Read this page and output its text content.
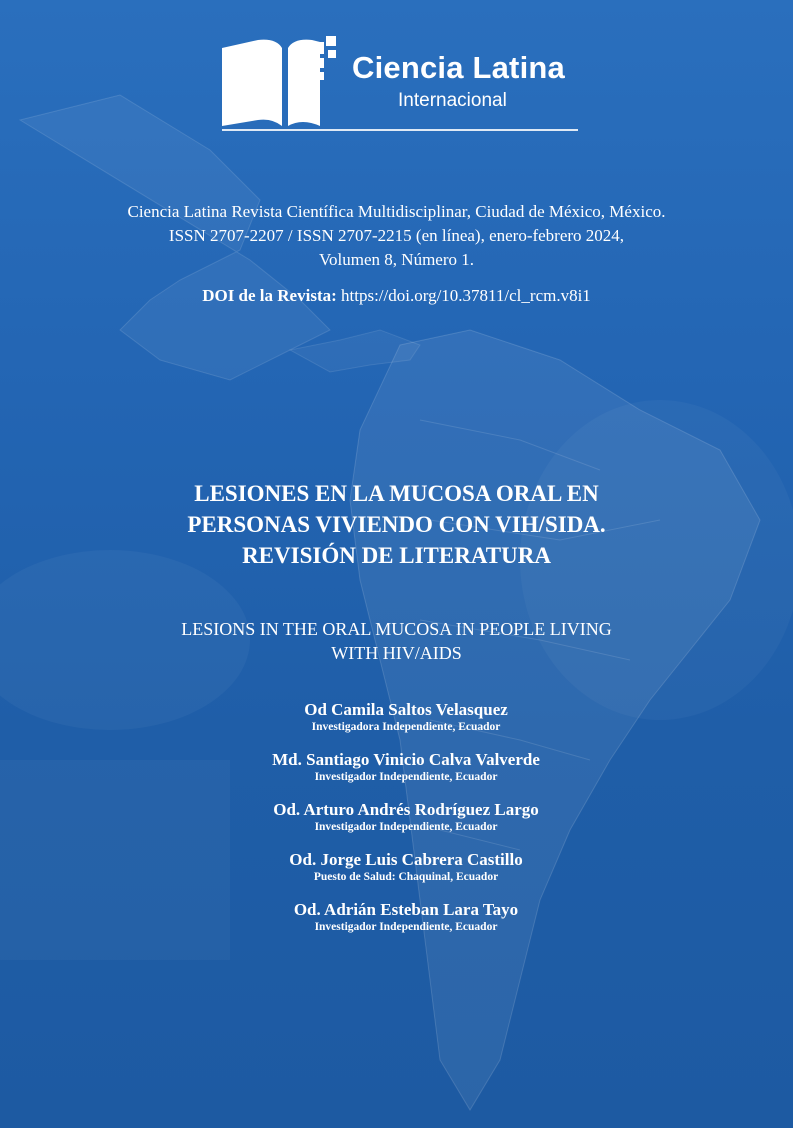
Ciencia Latina
Internacional
Ciencia Latina Revista Científica Multidisciplinar, Ciudad de México, México.
ISSN 2707-2207 / ISSN 2707-2215 (en línea), enero-febrero 2024,
Volumen 8, Número 1.
DOI de la Revista: https://doi.org/10.37811/cl_rcm.v8i1
LESIONES EN LA MUCOSA ORAL EN
PERSONAS VIVIENDO CON VIH/SIDA.
REVISIÓN DE LITERATURA
LESIONS IN THE ORAL MUCOSA IN PEOPLE LIVING
WITH HIV/AIDS
Od Camila Saltos Velasquez
Investigadora Independiente, Ecuador
Md. Santiago Vinicio Calva Valverde
Investigador Independiente, Ecuador
Od. Arturo Andrés Rodríguez Largo
Investigador Independiente, Ecuador
Od. Jorge Luis Cabrera Castillo
Puesto de Salud: Chaquinal, Ecuador
Od. Adrián Esteban Lara Tayo
Investigador Independiente, Ecuador
